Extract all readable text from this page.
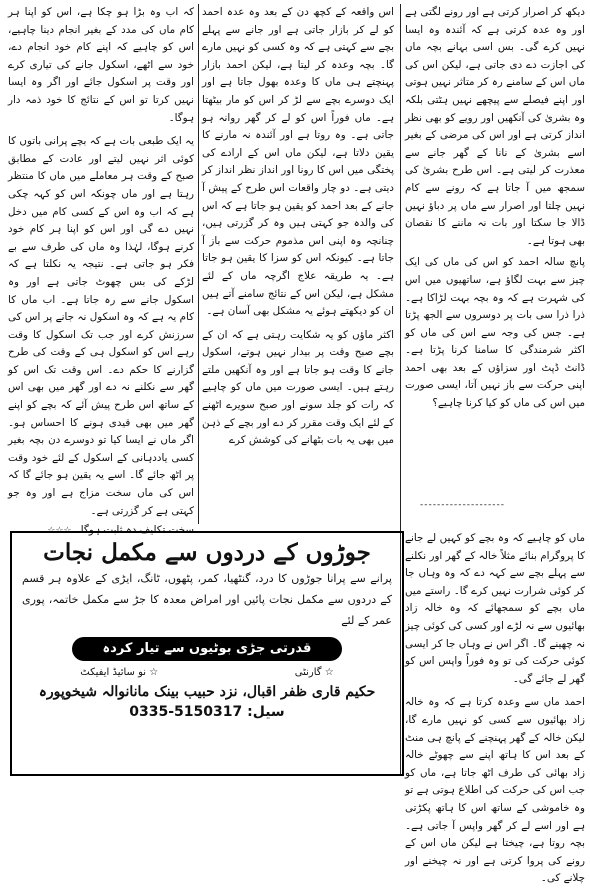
--------------------

دیکھ کر اصرار کرتی ہے اور رونے لگتی ہے اور وہ عدہ کرتی ہے کہ آئندہ وہ ایسا نہیں کرے گی۔ بس اسی بہانے بچہ ماں کی اجازت دے دی جاتی ہے، لیکن اس کی ماں اس کے سامنے رہ کر متاثر نہیں ہوتی اور اپنے فیصلے سے پیچھے نہیں ہٹتی بلکہ وہ بشریٰ کی آنکھیں اور رویے کو بھی نظر انداز کرتی ہے اور اس کی مرضی کے بغیر اسے بشریٰ کے نانا کے گھر جانے سے معذرت کر لیتی ہے۔ اس طرح بشریٰ کی سمجھ میں آ جاتا ہے کہ رونے سے کام نہیں چلتا اور اصرار سے ماں پر دباؤ نہیں ڈالا جا سکتا اور بات نہ ماننے کا نقصان بھی ہوتا ہے۔

پانچ سالہ احمد کو اس کی ماں کی ایک چیز سے بہت لگاؤ ہے، ساتھیوں میں اس کی شہرت ہے کہ وہ بچہ بہت لڑاکا ہے۔ ذرا ذرا سی بات پر دوسروں سے الجھ پڑتا ہے۔ جس کی وجہ سے اس کی ماں کو اکثر شرمندگی کا سامنا کرنا پڑتا ہے۔ ڈانٹ ڈپٹ اور سزاؤں کے بعد بھی احمد اپنی حرکت سے باز نہیں آتا، ایسی صورت میں اس کی ماں کو کیا کرنا چاہیے؟

اس واقعہ کے کچھ دن کے بعد وہ عدہ احمد کو لے کر بازار جاتی ہے اور جانے سے پہلے بچے سے کہتی ہے کہ وہ کسی کو نہیں مارے گا۔ بچہ وعدہ کر لیتا ہے، لیکن احمد بازار پہنچتے ہی ماں کا وعدہ بھول جاتا ہے اور ایک دوسرے بچے سے لڑ کر اس کو مار بیٹھتا ہے۔ ماں فوراً اس کو لے کر گھر روانہ ہو جاتی ہے۔ وہ روتا ہے اور آئندہ نہ مارنے کا یقین دلاتا ہے، لیکن ماں اس کے ارادے کی پختگی میں اس کا رونا اور انداز نظر انداز کر دیتی ہے۔ دو چار واقعات اس طرح کے پیش آ جانے کے بعد احمد کو یقین ہو جاتا ہے کہ اس کی والدہ جو کہتی ہیں وہ کر گزرتی ہیں، چنانچہ وہ اپنی اس مذموم حرکت سے باز آ جاتا ہے۔ کیونکہ اس کو سزا کا یقین ہو جاتا ہے۔ یہ طریقہ علاج اگرچہ ماں کے لئے مشکل ہے، لیکن اس کے نتائج سامنے آتے ہیں ان کو دیکھتے ہوئے یہ مشکل بھی آسان ہے۔

اکثر ماؤں کو یہ شکایت رہتی ہے کہ ان کے بچے صبح وقت پر بیدار نہیں ہوتے، اسکول جانے کا وقت ہو جاتا ہے اور وہ آنکھیں ملتے رہتے ہیں۔ ایسی صورت میں ماں کو چاہیے کہ رات کو جلد سونے اور صبح سویرے اٹھنے کے لئے ایک وقت مقرر کر دے اور بچے کے ذہن میں بھی یہ بات بٹھانے کی کوشش کرے

کہ اب وہ بڑا ہو چکا ہے، اس کو اپنا ہر کام ماں کی مدد کے بغیر انجام دینا چاہیے، اس کو چاہیے کہ اپنے کام خود انجام دے، خود سے اٹھے، اسکول جانے کی تیاری کرے اور وقت پر اسکول جائے اور اگر وہ ایسا نہیں کرتا تو اس کے نتائج کا خود ذمہ دار ہوگا۔

یہ ایک طبعی بات ہے کہ بچے پرانی باتوں کا کوئی اثر نہیں لیتے اور عادت کے مطابق صبح کے وقت ہر معاملے میں ماں کا منتظر رہتا ہے اور ماں چونکہ اس کو کہہ چکی ہے کہ اب وہ اس کے کسی کام میں دخل نہیں دے گی اور اس کو اپنا ہر کام خود کرنے ہوگا، لہٰذا وہ ماں کی طرف سے بے فکر ہو جاتی ہے۔ نتیجہ یہ نکلتا ہے کہ لڑکے کی بس چھوٹ جاتی ہے اور وہ اسکول جانے سے رہ جاتا ہے۔ اب ماں کا کام یہ ہے کہ وہ اسکول نہ جانے پر اس کی سرزنش کرے اور جب تک اسکول کا وقت رہے اس کو اسکول ہی کے وقت کی طرح گزارنے کا حکم دے۔ اس وقت تک اس کو گھر سے نکلنے نہ دے اور گھر میں بھی اس کے ساتھ اس طرح پیش آئے کہ بچے کو اپنے گھر میں بھی قیدی ہونے کا احساس ہو۔ اگر ماں نے ایسا کیا تو دوسرے دن بچہ بغیر کسی یاددہانی کے اسکول کے لئے خود وقت پر اٹھ جائے گا۔ اسے یہ یقین ہو جائے گا کہ اس کی ماں سخت مزاج ہے اور وہ جو کہتی ہے کر گزرتی ہے۔

سخت تکلیف دہ ثابت ہوگا۔ ☆☆☆

ماں کو چاہیے کہ وہ بچے کو کہیں لے جانے کا پروگرام بنائے مثلاً خالہ کے گھر اور نکلنے سے پہلے بچے سے کہہ دے کہ وہ وہاں جا کر کوئی شرارت نہیں کرے گا۔ راستے میں ماں بچے کو سمجھائے کہ وہ خالہ زاد بھائیوں سے نہ لڑے اور کسی کی کوئی چیز نہ چھینے گا۔ اگر اس نے وہاں جا کر ایسی کوئی حرکت کی تو وہ فوراً واپس اس کو گھر لے جائے گی۔

احمد ماں سے وعدہ کرتا ہے کہ وہ خالہ زاد بھائیوں سے کسی کو نہیں مارے گا، لیکن خالہ کے گھر پہنچنے کے پانچ ہی منٹ کے بعد اس کا ہاتھ اپنے سے چھوٹے خالہ زاد بھائی کی طرف اٹھ جاتا ہے، ماں کو جب اس کی حرکت کی اطلاع ہوتی ہے تو وہ خاموشی کے ساتھ اس کا ہاتھ پکڑتی ہے اور اسے لے کر گھر واپس آ جاتی ہے۔ بچہ روتا ہے، چیختا ہے لیکن ماں اس کے رونے کی پروا کرتی ہے اور نہ چیخنے اور چلانے کی۔

جوڑوں کے دردوں سے مکمل نجات
پرانے سے پرانا جوڑوں کا درد، گنٹھیا، کمر، پٹھوں، ٹانگ، ایڑی کے علاوہ ہر قسم کے دردوں سے مکمل نجات پائیں اور امراض معدہ کا جڑ سے مکمل خاتمہ، پوری عمر کے لئے
قدرتی جڑی بوٹیوں سے تیار کردہ
☆ گارنٹی
☆ نو سائیڈ ایفیکٹ
حکیم قاری ظفر اقبال، نزد حبیب بینک مانانوالہ شیخوپورہ
سیل: 0335-5150317
